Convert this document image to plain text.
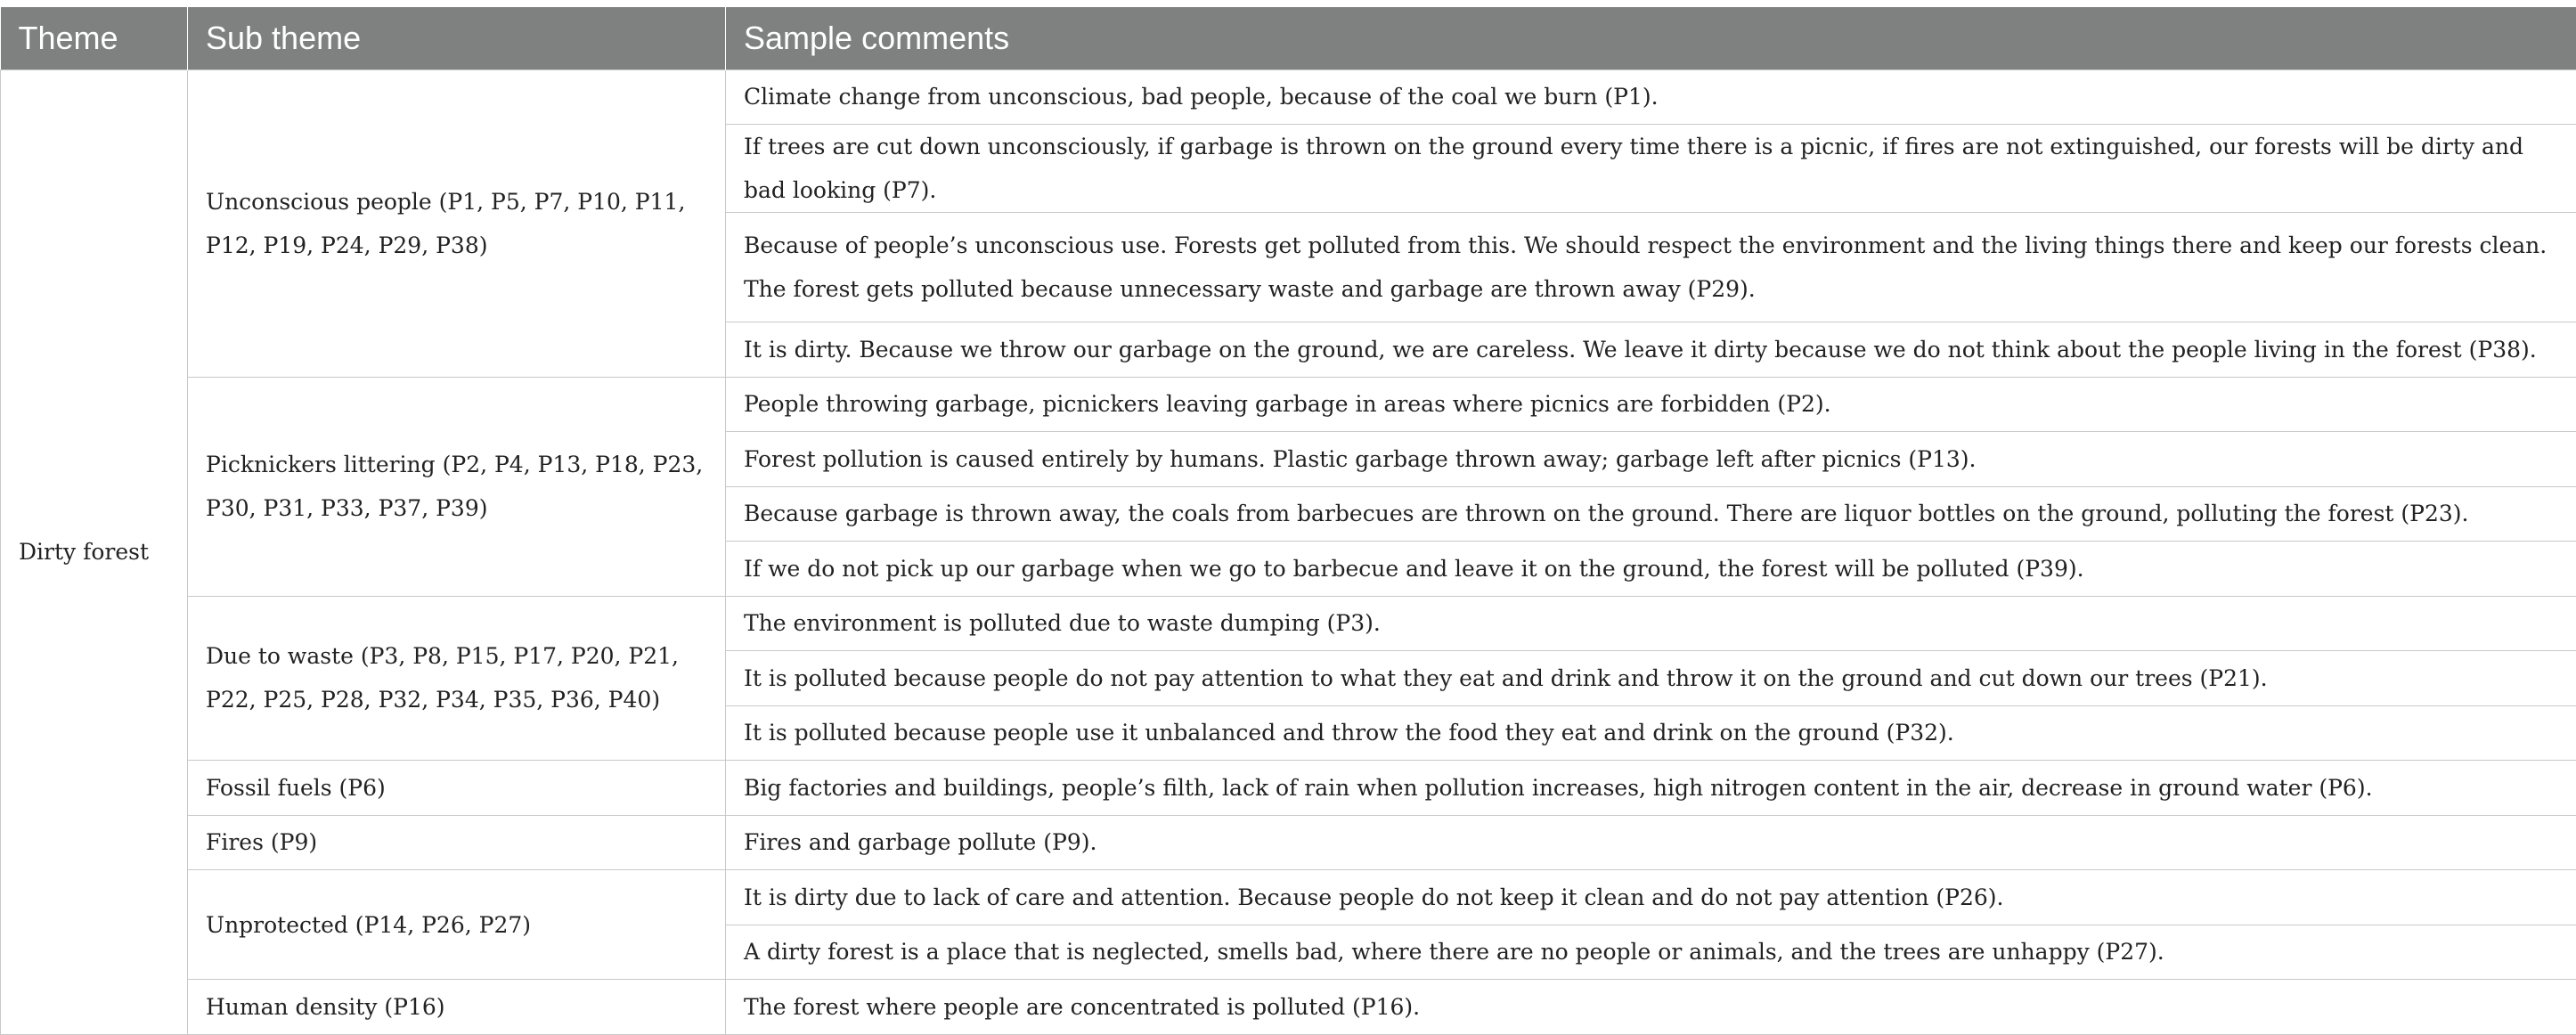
Theme	Sub theme	Sample comments
Dirty forest	Unconscious people (P1, P5, P7, P10, P11, P12, P19, P24, P29, P38)	Climate change from unconscious, bad people, because of the coal we burn (P1).
		If trees are cut down unconsciously, if garbage is thrown on the ground every time there is a picnic, if fires are not extinguished, our forests will be dirty and bad looking (P7).
		Because of people’s unconscious use. Forests get polluted from this. We should respect the environment and the living things there and keep our forests clean. The forest gets polluted because unnecessary waste and garbage are thrown away (P29).
		It is dirty. Because we throw our garbage on the ground, we are careless. We leave it dirty because we do not think about the people living in the forest (P38).

	Picknickers littering (P2, P4, P13, P18, P23, P30, P31, P33, P37, P39)	People throwing garbage, picnickers leaving garbage in areas where picnics are forbidden (P2).
		Forest pollution is caused entirely by humans. Plastic garbage thrown away; garbage left after picnics (P13).
		Because garbage is thrown away, the coals from barbecues are thrown on the ground. There are liquor bottles on the ground, polluting the forest (P23).
		If we do not pick up our garbage when we go to barbecue and leave it on the ground, the forest will be polluted (P39).
	Due to waste (P3, P8, P15, P17, P20, P21, P22, P25, P28, P32, P34, P35, P36, P40)	The environment is polluted due to waste dumping (P3).
		It is polluted because people do not pay attention to what they eat and drink and throw it on the ground and cut down our trees (P21).
		It is polluted because people use it unbalanced and throw the food they eat and drink on the ground (P32).
	Fossil fuels (P6)	Big factories and buildings, people’s filth, lack of rain when pollution increases, high nitrogen content in the air, decrease in ground water (P6).
	Fires (P9)	Fires and garbage pollute (P9).
	Unprotected (P14, P26, P27)	It is dirty due to lack of care and attention. Because people do not keep it clean and do not pay attention (P26).
		A dirty forest is a place that is neglected, smells bad, where there are no people or animals, and the trees are unhappy (P27).
	Human density (P16)	The forest where people are concentrated is polluted (P16).
